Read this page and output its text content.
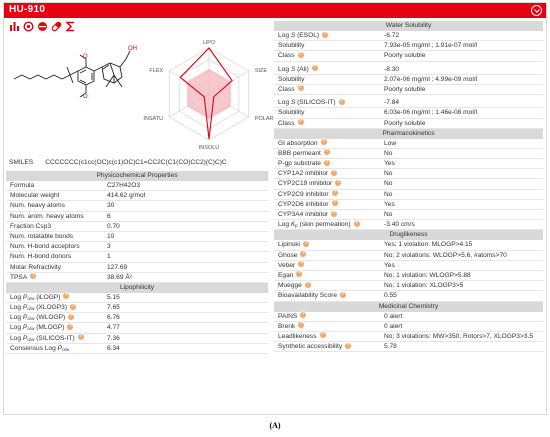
HU-910
O
O
OH
LIPO
SIZE
POLAR
INSOLU
INSATU
FLEX
SMILES CCCCCCC(c1cc(OC)c(c1)OC)C1=CC2C(C1(CO)CC2)(C)C)C
Physicochemical Properties
Formula	C27H42O3
Molecular weight	414.62 g/mol
Num. heavy atoms	30
Num. arom. heavy atoms	6
Fraction Csp3	0.70
Num. rotatable bonds	10
Num. H-bond acceptors	3
Num. H-bond donors	1
Molar Refractivity	127.69
TPSA ?	38.69 Å²
Lipophilicity
Log $P_{o/w}$ (iLOGP) ?	5.15
Log $P_{o/w}$ (XLOGP3) ?	7.65
Log $P_{o/w}$ (WLOGP) ?	6.76
Log $P_{o/w}$ (MLOGP) ?	4.77
Log $P_{o/w}$ (SILICOS-IT) ?	7.36
Consensus Log $P_{o/w}$	6.34
Water Solubility
Log S (ESOL) ?	-6.72
Solubility	7.93e-05 mg/ml ; 1.91e-07 mol/l
Class ?	Poorly soluble
Log S (Ali) ?	-8.30
Solubility	2.07e-06 mg/ml ; 4.99e-09 mol/l
Class ?	Poorly soluble
Log S (SILICOS-IT) ?	-7.84
Solubility	6.03e-06 mg/ml ; 1.46e-08 mol/l
Class ?	Poorly soluble
Pharmacokinetics
GI absorption ?	Low
BBB permeant ?	No
P-gp substrate ?	Yes
CYP1A2 inhibitor ?	No
CYP2C19 inhibitor ?	No
CYP2C9 inhibitor ?	No
CYP2D6 inhibitor ?	Yes
CYP3A4 inhibitor ?	No
Log $K_p$ (skin permeation) ?	-3.40 cm/s
Druglikeness
Lipinski ?	Yes; 1 violation: MLOGP>4.15
Ghose ?	No; 2 violations: WLOGP>5.6, #atoms>70
Veber ?	Yes
Egan ?	No; 1 violation: WLOGP>5.88
Muegge ?	No; 1 violation: XLOGP3>5
Bioavailability Score ?	0.55
Medicinal Chemistry
PAINS ?	0 alert
Brenk ?	0 alert
Leadlikeness ?	No; 3 violations: MW>350, Rotors>7, XLOGP3>3.5
Synthetic accessibility ?	5.78
(A)
